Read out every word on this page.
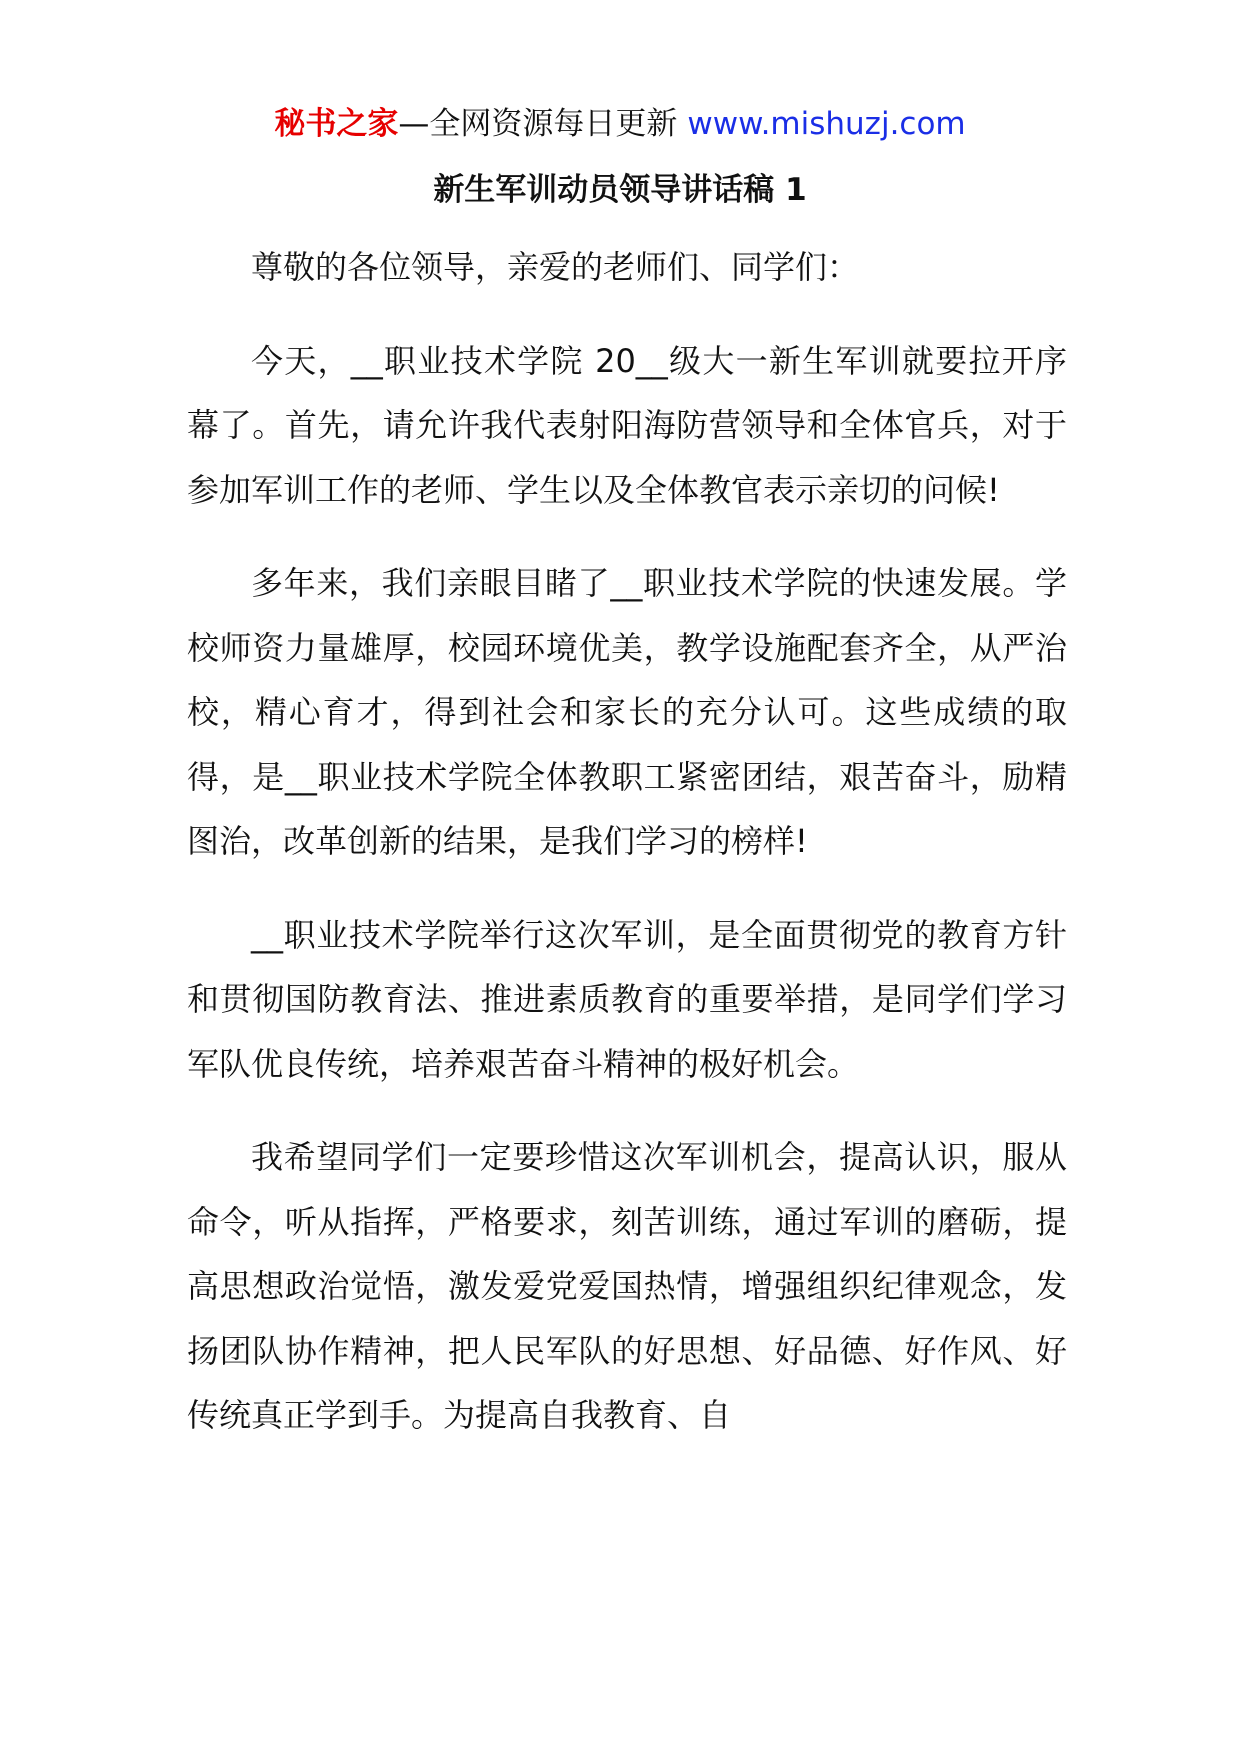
秘书之家—全网资源每日更新 www.mishuzj.com
新生军训动员领导讲话稿 1

尊敬的各位领导，亲爱的老师们、同学们：

今天，__职业技术学院 20__级大一新生军训就要拉开序幕了。首先，请允许我代表射阳海防营领导和全体官兵，对于参加军训工作的老师、学生以及全体教官表示亲切的问候!

多年来，我们亲眼目睹了__职业技术学院的快速发展。学校师资力量雄厚，校园环境优美，教学设施配套齐全，从严治校，精心育才，得到社会和家长的充分认可。这些成绩的取得，是__职业技术学院全体教职工紧密团结，艰苦奋斗，励精图治，改革创新的结果，是我们学习的榜样!

__职业技术学院举行这次军训，是全面贯彻党的教育方针和贯彻国防教育法、推进素质教育的重要举措，是同学们学习军队优良传统，培养艰苦奋斗精神的极好机会。

我希望同学们一定要珍惜这次军训机会，提高认识，服从命令，听从指挥，严格要求，刻苦训练，通过军训的磨砺，提高思想政治觉悟，激发爱党爱国热情，增强组织纪律观念，发扬团队协作精神，把人民军队的好思想、好品德、好作风、好传统真正学到手。为提高自我教育、自
